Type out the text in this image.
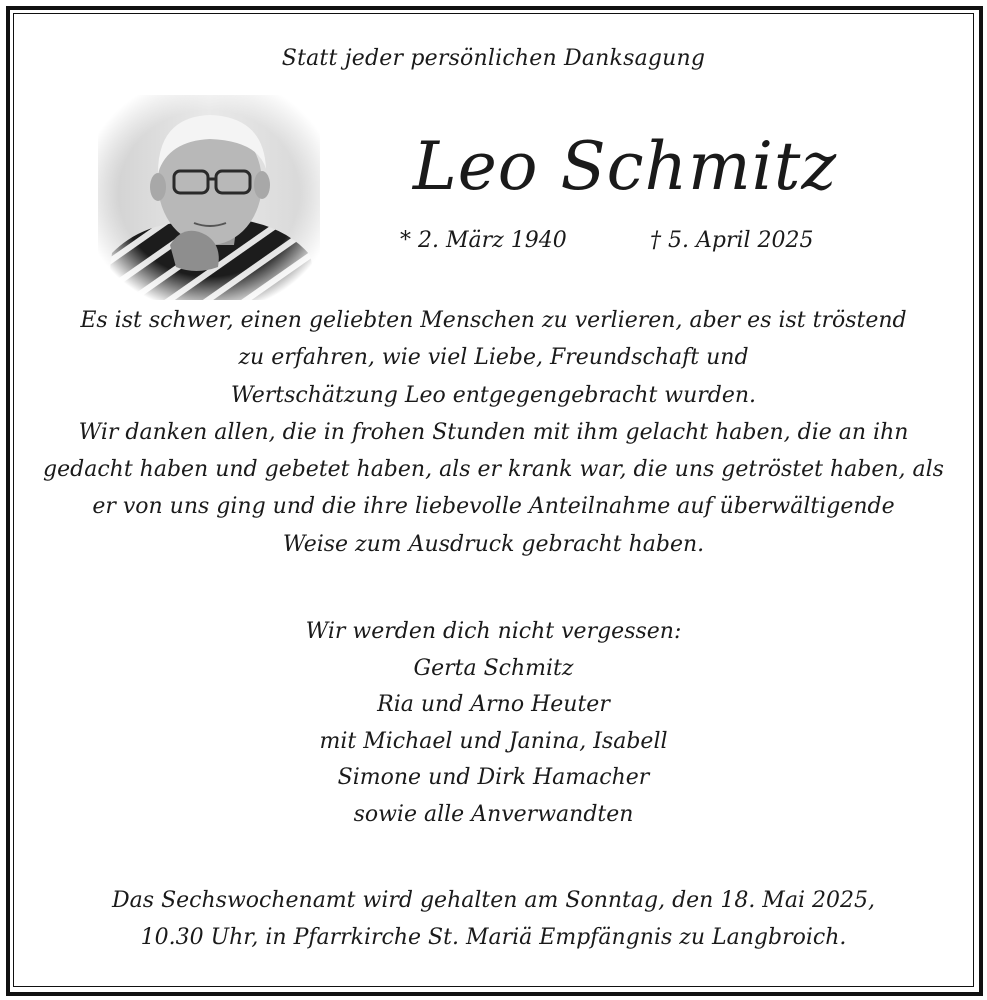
Statt jeder persönlichen Danksagung
Leo Schmitz
* 2. März 1940	† 5. April 2025
Es ist schwer, einen geliebten Menschen zu verlieren, aber es ist tröstend
zu erfahren, wie viel Liebe, Freundschaft und
Wertschätzung Leo entgegengebracht wurden.
Wir danken allen, die in frohen Stunden mit ihm gelacht haben, die an ihn
gedacht haben und gebetet haben, als er krank war, die uns getröstet haben, als
er von uns ging und die ihre liebevolle Anteilnahme auf überwältigende
Weise zum Ausdruck gebracht haben.
Wir werden dich nicht vergessen:
Gerta Schmitz
Ria und Arno Heuter
mit Michael und Janina, Isabell
Simone und Dirk Hamacher
sowie alle Anverwandten
Das Sechswochenamt wird gehalten am Sonntag, den 18. Mai 2025,
10.30 Uhr, in Pfarrkirche St. Mariä Empfängnis zu Langbroich.
